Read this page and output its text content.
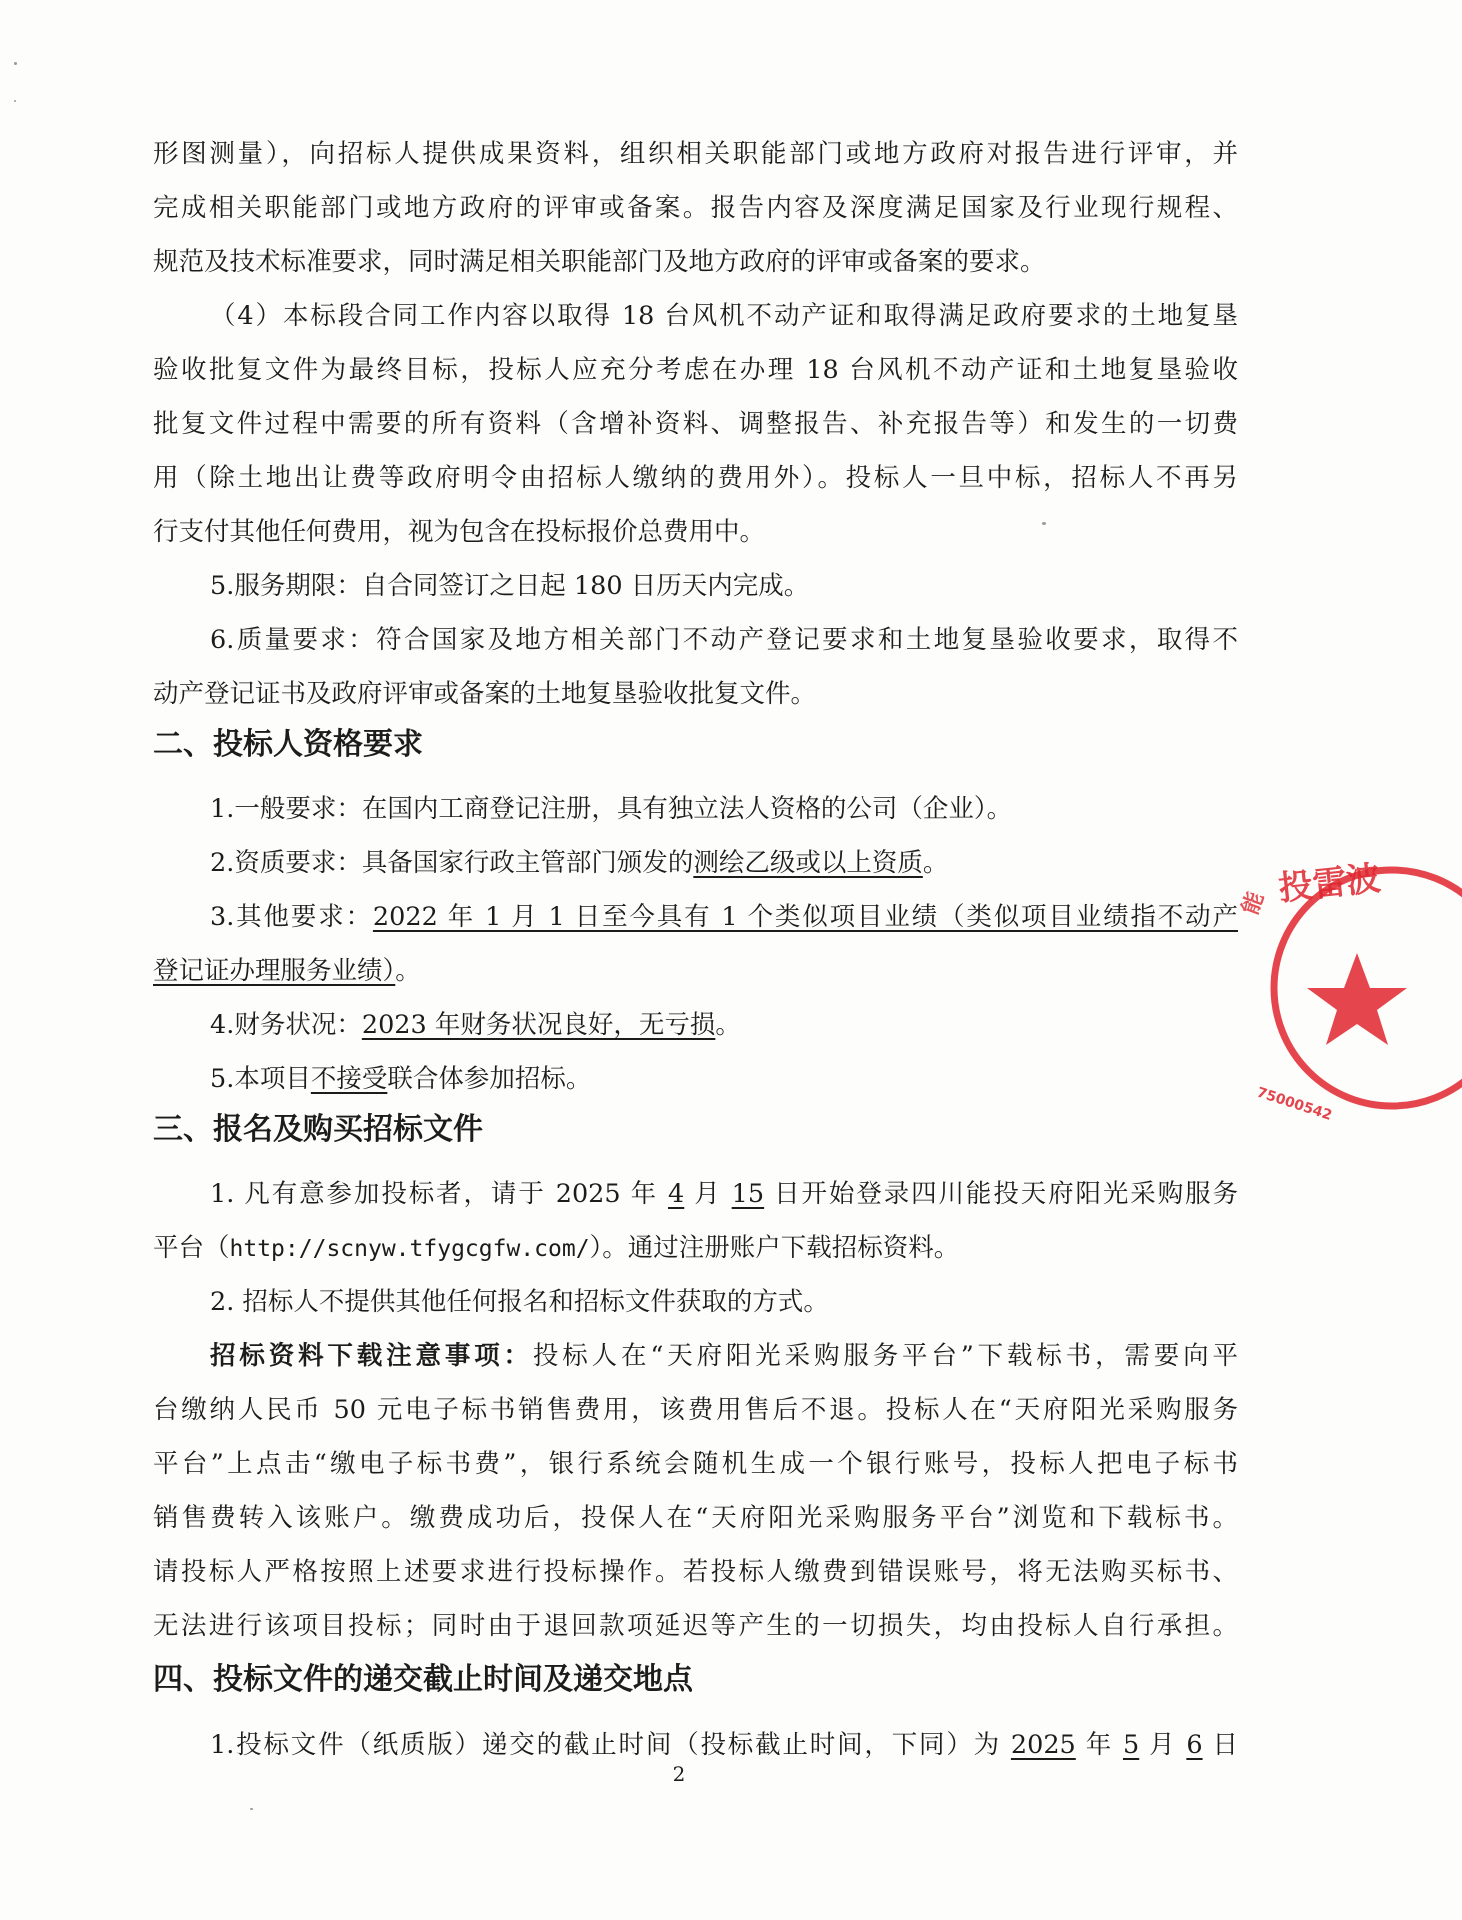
形图测量），向招标人提供成果资料，组织相关职能部门或地方政府对报告进行评审，并
完成相关职能部门或地方政府的评审或备案。报告内容及深度满足国家及行业现行规程、
规范及技术标准要求，同时满足相关职能部门及地方政府的评审或备案的要求。
（4）本标段合同工作内容以取得 18 台风机不动产证和取得满足政府要求的土地复垦
验收批复文件为最终目标，投标人应充分考虑在办理 18 台风机不动产证和土地复垦验收
批复文件过程中需要的所有资料（含增补资料、调整报告、补充报告等）和发生的一切费
用（除土地出让费等政府明令由招标人缴纳的费用外）。投标人一旦中标，招标人不再另
行支付其他任何费用，视为包含在投标报价总费用中。
5.服务期限：自合同签订之日起 180 日历天内完成。
6.质量要求：符合国家及地方相关部门不动产登记要求和土地复垦验收要求，取得不
动产登记证书及政府评审或备案的土地复垦验收批复文件。
二、投标人资格要求
1.一般要求：在国内工商登记注册，具有独立法人资格的公司（企业）。
2.资质要求：具备国家行政主管部门颁发的测绘乙级或以上资质。
3.其他要求：2022 年 1 月 1 日至今具有 1 个类似项目业绩（类似项目业绩指不动产
登记证办理服务业绩）。
4.财务状况：2023 年财务状况良好，无亏损。
5.本项目不接受联合体参加招标。
三、报名及购买招标文件
1. 凡有意参加投标者，请于 2025 年 4 月 15 日开始登录四川能投天府阳光采购服务
平台（http://scnyw.tfygcgfw.com/）。通过注册账户下载招标资料。
2. 招标人不提供其他任何报名和招标文件获取的方式。
招标资料下载注意事项：投标人在“天府阳光采购服务平台”下载标书，需要向平
台缴纳人民币 50 元电子标书销售费用，该费用售后不退。投标人在“天府阳光采购服务
平台”上点击“缴电子标书费”，银行系统会随机生成一个银行账号，投标人把电子标书
销售费转入该账户。缴费成功后，投保人在“天府阳光采购服务平台”浏览和下载标书。
请投标人严格按照上述要求进行投标操作。若投标人缴费到错误账号，将无法购买标书、
无法进行该项目投标；同时由于退回款项延迟等产生的一切损失，均由投标人自行承担。
四、投标文件的递交截止时间及递交地点
1.投标文件（纸质版）递交的截止时间（投标截止时间，下同）为 2025 年 5 月 6 日
2
投雷波
能
75000542
